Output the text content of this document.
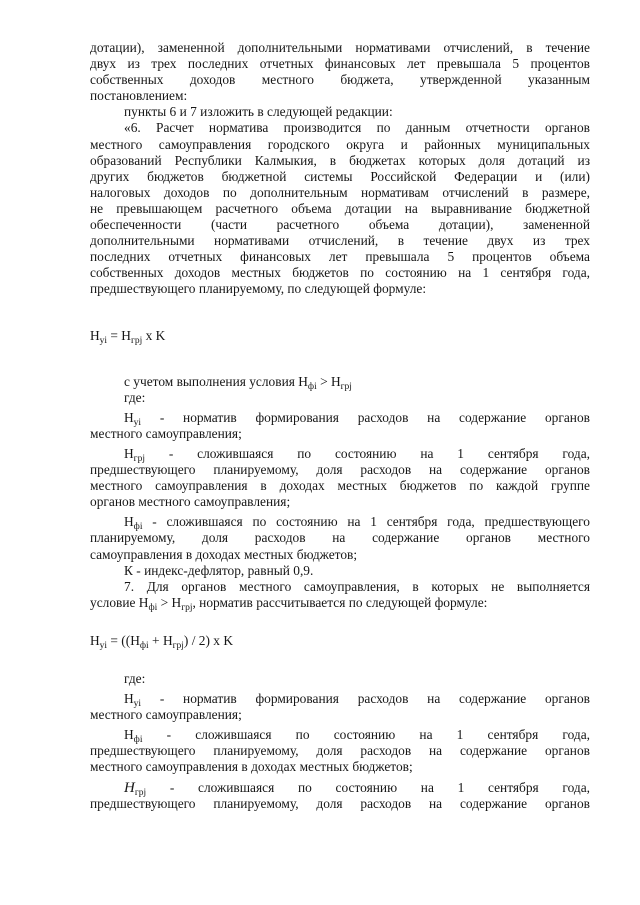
дотации), замененной дополнительными нормативами отчислений, в течение

двух из трех последних отчетных финансовых лет превышала 5 процентов

собственных доходов местного бюджета, утвержденной указанным

постановлением:

пункты 6 и 7 изложить в следующей редакции:

«6. Расчет норматива производится по данным отчетности органов

местного самоуправления городского округа и районных муниципальных

образований Республики Калмыкия, в бюджетах которых доля дотаций из

других бюджетов бюджетной системы Российской Федерации и (или)

налоговых доходов по дополнительным нормативам отчислений в размере,

не превышающем расчетного объема дотации на выравнивание бюджетной

обеспеченности (части расчетного объема дотации), замененной

дополнительными нормативами отчислений, в течение двух из трех

последних отчетных финансовых лет превышала 5 процентов объема

собственных доходов местных бюджетов по состоянию на 1 сентября года,

предшествующего планируемому, по следующей формуле:

$Н_{yi} = Н_{грj}$ x K

с учетом выполнения условия $Н_{фi} > Н_{грj}$

где:

$Н_{yi}$ - норматив формирования расходов на содержание органов

местного самоуправления;

$Н_{грj}$ - сложившаяся по состоянию на 1 сентября года,

предшествующего планируемому, доля расходов на содержание органов

местного самоуправления в доходах местных бюджетов по каждой группе

органов местного самоуправления;

$Н_{фi}$ - сложившаяся по состоянию на 1 сентября года, предшествующего

планируемому, доля расходов на содержание органов местного

самоуправления в доходах местных бюджетов;

К - индекс-дефлятор, равный 0,9.

7. Для органов местного самоуправления, в которых не выполняется

условие $Н_{фi} > Н_{грj}$, норматив рассчитывается по следующей формуле:

$Н_{yi} = ((Н_{фi} + Н_{грj}) / 2)$ x K

где:

$Н_{yi}$ - норматив формирования расходов на содержание органов

местного самоуправления;

$Н_{фi}$ - сложившаяся по состоянию на 1 сентября года,

предшествующего планируемому, доля расходов на содержание органов

местного самоуправления в доходах местных бюджетов;

$Н_{грj}$ - сложившаяся по состоянию на 1 сентября года,

предшествующего планируемому, доля расходов на содержание органов
